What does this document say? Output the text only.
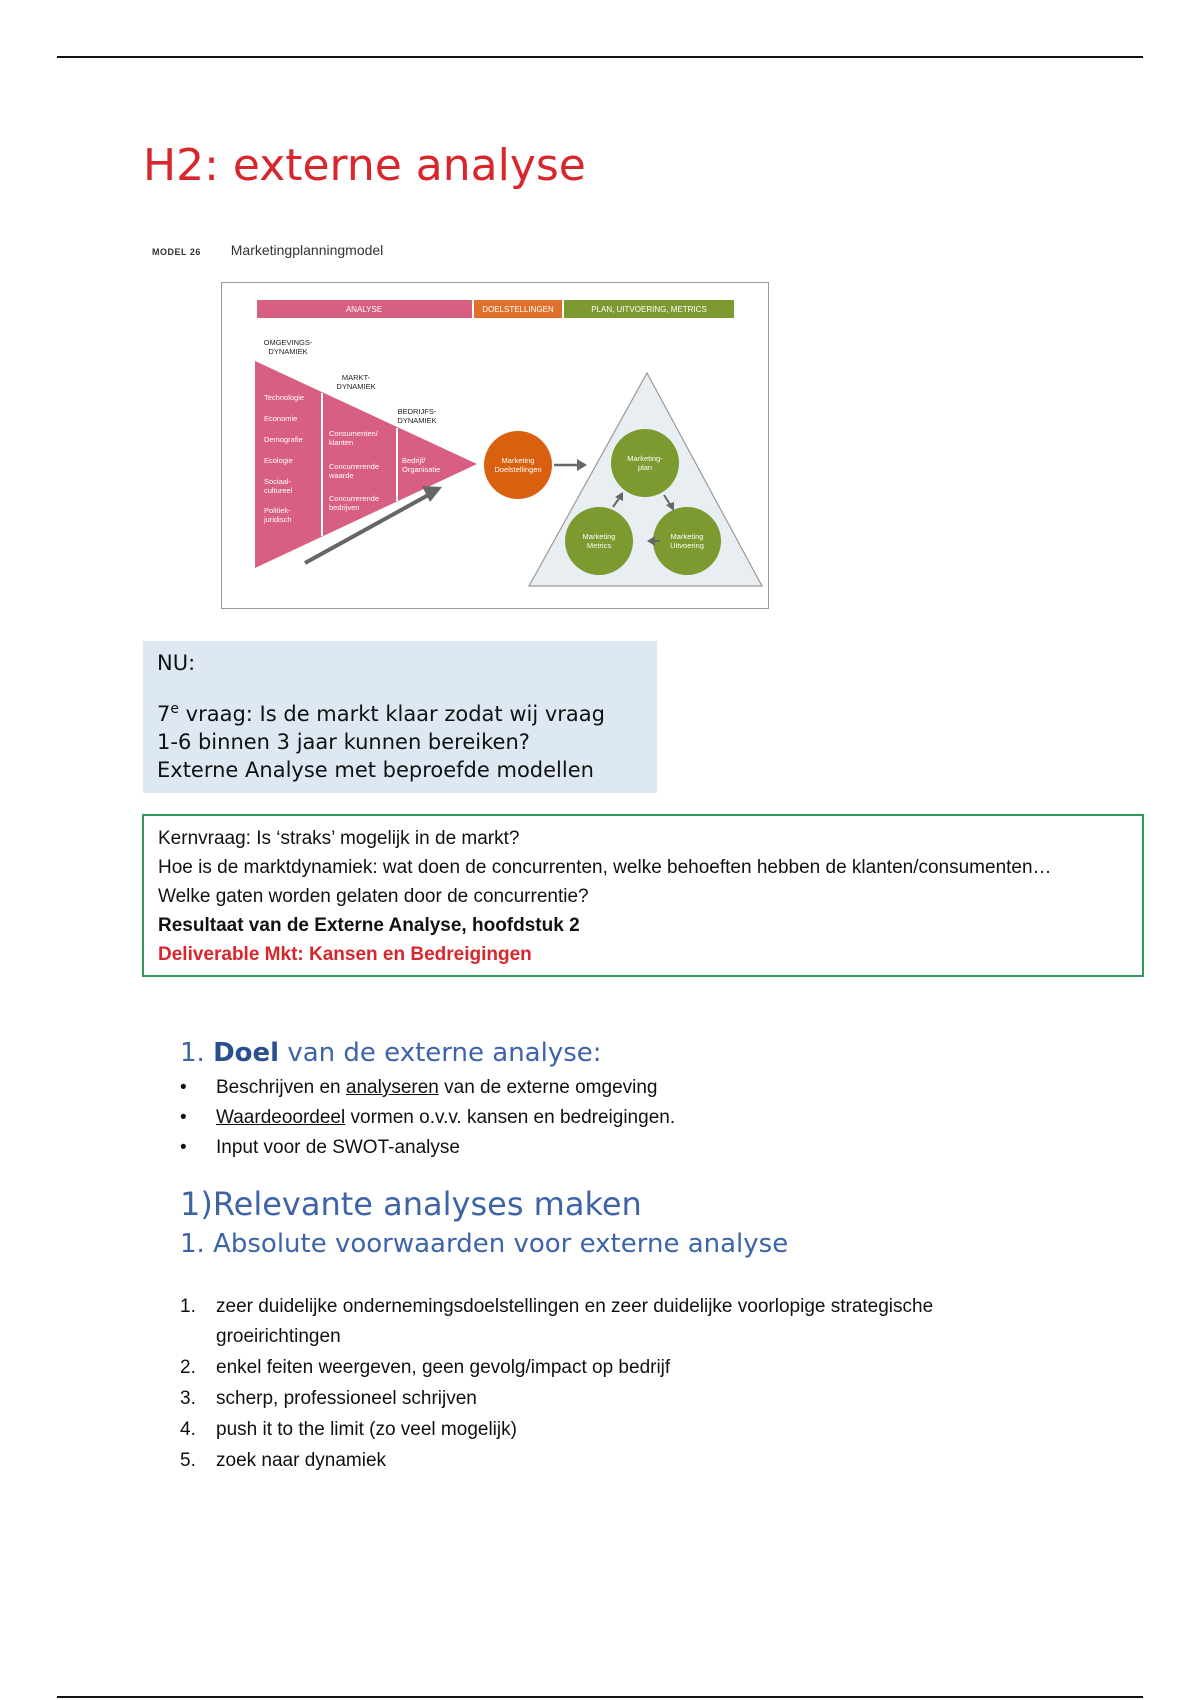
H2: externe analyse
MODEL 26 Marketingplanningmodel
ANALYSE	DOELSTELLINGEN	PLAN, UITVOERING, METRICS
OMGEVINGS-
DYNAMIEK
MARKT-
DYNAMIEK
BEDRIJFS-
DYNAMIEK
Technologie
Economie
Demografie
Ecologie
Sociaal-
cultureel
Politiek-
juridisch
Consumenten/
klanten
Concurrerende
waarde
Concurrerende
bedrijven
Bedrijf/
Organisatie
Marketing
Doelstellingen
Marketing-
plan
Marketing
Metrics
Marketing
Uitvoering
NU:
7e vraag: Is de markt klaar zodat wij vraag
1-6 binnen 3 jaar kunnen bereiken?
Externe Analyse met beproefde modellen
Kernvraag: Is ‘straks’ mogelijk in de markt?
Hoe is de marktdynamiek: wat doen de concurrenten, welke behoeften hebben de klanten/consumenten…
Welke gaten worden gelaten door de concurrentie?
Resultaat van de Externe Analyse, hoofdstuk 2
Deliverable Mkt: Kansen en Bedreigingen
1. Doel van de externe analyse:
• Beschrijven en analyseren van de externe omgeving
• Waardeoordeel vormen o.v.v. kansen en bedreigingen.
• Input voor de SWOT-analyse
1)Relevante analyses maken
1. Absolute voorwaarden voor externe analyse
1. zeer duidelijke ondernemingsdoelstellingen en zeer duidelijke voorlopige strategische groeirichtingen
2. enkel feiten weergeven, geen gevolg/impact op bedrijf
3. scherp, professioneel schrijven
4. push it to the limit (zo veel mogelijk)
5. zoek naar dynamiek
